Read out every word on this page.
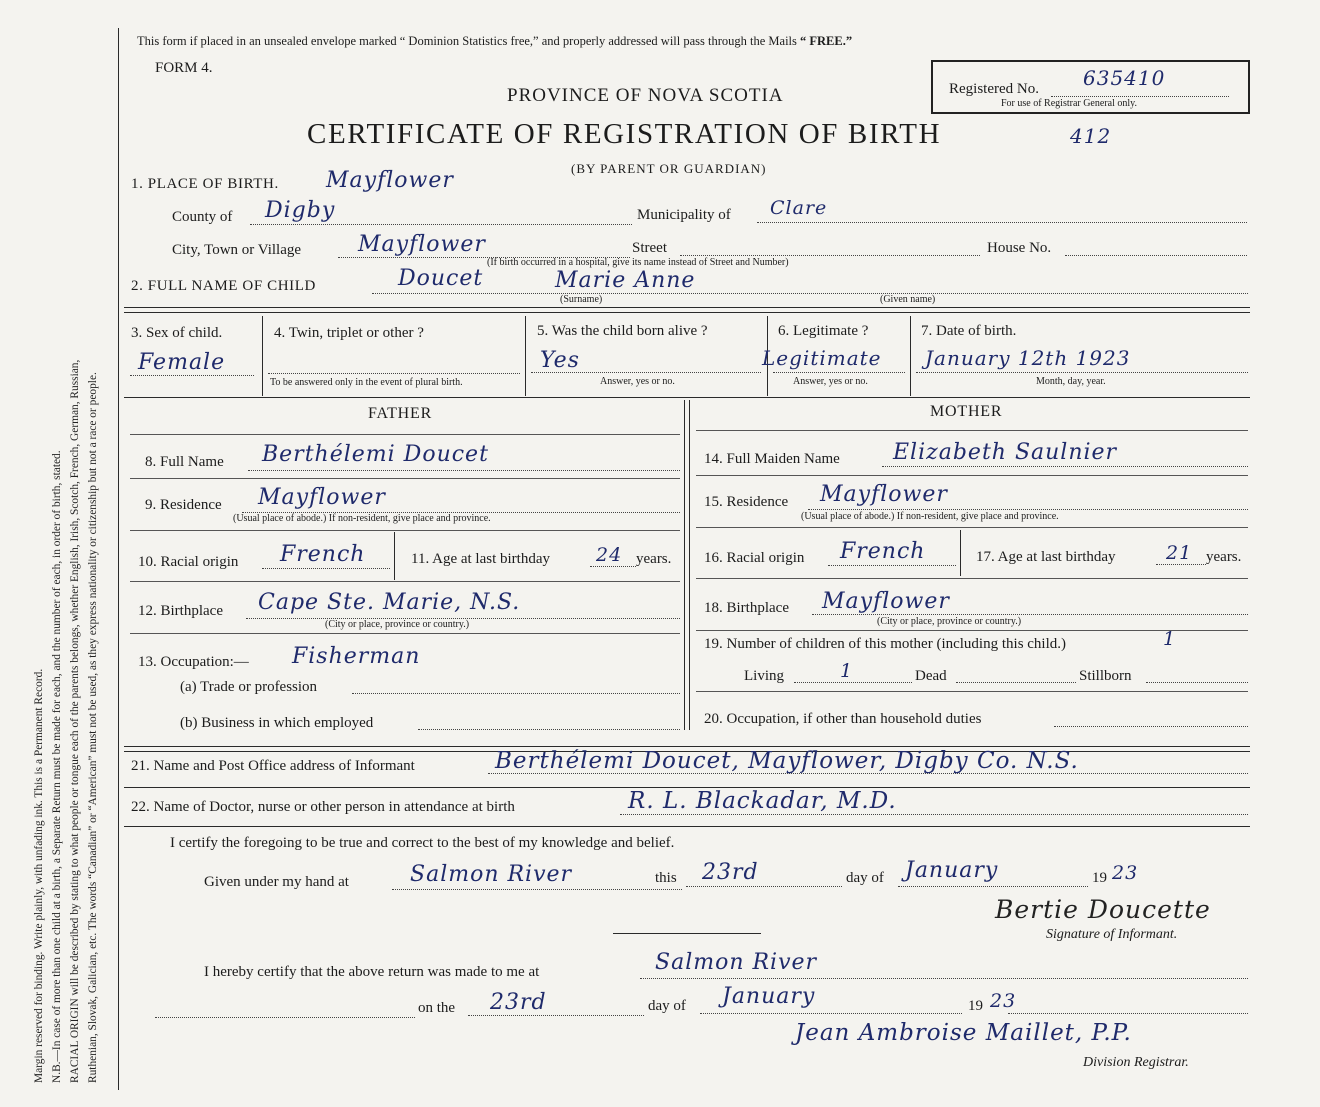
Margin reserved for binding. Write plainly, with unfading ink. This is a Permanent Record. N.B.—In case of more than one child at a birth, a Separate Return must be made for each, and the number of each, in order of birth, stated. RACIAL ORIGIN will be described by stating to what people or tongue each of the parents belongs, whether English, Irish, Scotch, French, German, Russian, Ruthenian, Slovak, Galician, etc. The words “Canadian” or “American” must not be used, as they express nationality or citizenship but not a race or people.
This form if placed in an unsealed envelope marked “ Dominion Statistics free,” and properly addressed will pass through the Mails “ FREE.”
FORM 4.
Registered No. 635410
For use of Registrar General only.
PROVINCE OF NOVA SCOTIA
CERTIFICATE OF REGISTRATION OF BIRTH	412
(BY PARENT OR GUARDIAN)
1. PLACE OF BIRTH. Mayflower
County of Digby	Municipality of Clare
City, Town or Village	Mayflower	Street	House No.
(If birth occurred in a hospital, give its name instead of Street and Number)
2. FULL NAME OF CHILD	Doucet	Marie Anne
(Surname)	(Given name)
3. Sex of child.
Female
4. Twin, triplet or other ?
To be answered only in the event of plural birth.
5. Was the child born alive ?
Yes
Answer, yes or no.
6. Legitimate ?
Legitimate
Answer, yes or no.
7. Date of birth.
January 12th 1923
Month, day, year.
FATHER	MOTHER
8. Full Name Berthélemi Doucet
9. Residence Mayflower
(Usual place of abode.) If non-resident, give place and province.
10. Racial origin French	11. Age at last birthday 24 years.
12. Birthplace Cape Ste. Marie, N.S.
(City or place, province or country.)
13. Occupation:— Fisherman
(a) Trade or profession
(b) Business in which employed
14. Full Maiden Name Elizabeth Saulnier
15. Residence Mayflower
(Usual place of abode.) If non-resident, give place and province.
16. Racial origin French	17. Age at last birthday	21 years.
18. Birthplace Mayflower
(City or place, province or country.)
19. Number of children of this mother (including this child.)	1
Living	1	Dead	Stillborn
20. Occupation, if other than household duties
21. Name and Post Office address of Informant	Berthélemi Doucet, Mayflower, Digby Co. N.S.
22. Name of Doctor, nurse or other person in attendance at birth	R. L. Blackadar, M.D.
I certify the foregoing to be true and correct to the best of my knowledge and belief.
Given under my hand at	Salmon River	this 23rd	day of January	19 23
Bertie Doucette
Signature of Informant.
I hereby certify that the above return was made to me at	Salmon River
on the 23rd	day of January	19 23
Jean Ambroise Maillet, P.P.
Division Registrar.
